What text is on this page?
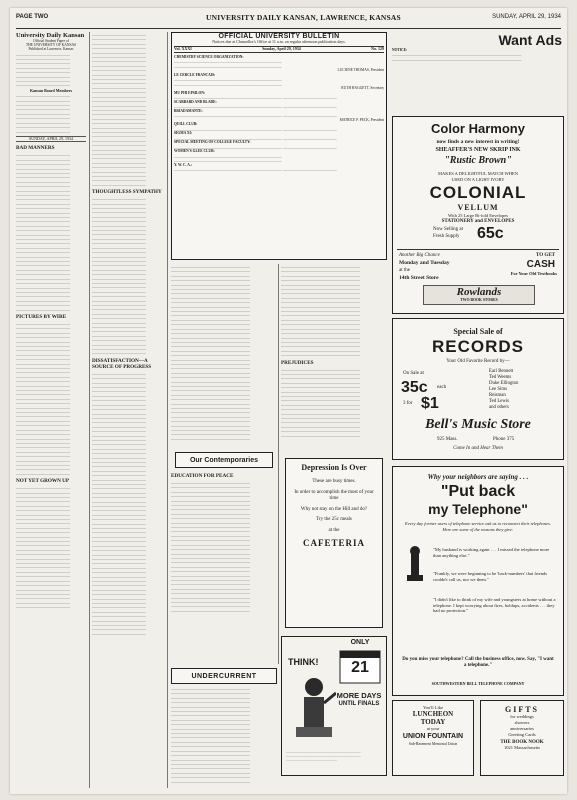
PAGE TWO	UNIVERSITY DAILY KANSAN, LAWRENCE, KANSAS	SUNDAY, APRIL 29, 1934
University Daily Kansan
Official Student Paper of
THE UNIVERSITY OF KANSAS
Published at Lawrence, Kansas
______________________________ ______________________________ ______________________________ ______________________________ ______________________________ ______________________________ ______________________________ ______________________________
Kansan Board Members
______________________________ ______________________________ ______________________________ ______________________________ ______________________________ ______________________________ ______________________________ ______________________________ ______________________________
SUNDAY, APRIL 29, 1934
BAD MANNERS
______________________________ ______________________________ ______________________________ ______________________________ ______________________________ ______________________________ ______________________________ ______________________________ ______________________________ ______________________________ ______________________________ ______________________________ ______________________________ ______________________________ ______________________________ ______________________________ ______________________________ ______________________________ ______________________________ ______________________________ ______________________________ ______________________________ ______________________________ ______________________________ ______________________________ ______________________________ ______________________________ ______________________________ ______________________________ ______________________________ ______________________________ ______________________________ ______________________________ ______________________________ ______________________________ ______________________________
PICTURES BY WIRE
______________________________ ______________________________ ______________________________ ______________________________ ______________________________ ______________________________ ______________________________ ______________________________ ______________________________ ______________________________ ______________________________ ______________________________ ______________________________ ______________________________ ______________________________ ______________________________ ______________________________ ______________________________ ______________________________ ______________________________ ______________________________ ______________________________ ______________________________ ______________________________ ______________________________ ______________________________ ______________________________ ______________________________ ______________________________ ______________________________ ______________________________ ______________________________ ______________________________ ______________________________ ______________________________
NOT YET GROWN UP
______________________________ ______________________________ ______________________________ ______________________________ ______________________________ ______________________________ ______________________________ ______________________________ ______________________________ ______________________________ ______________________________ ______________________________ ______________________________ ______________________________ ______________________________ ______________________________ ______________________________ ______________________________ ______________________________ ______________________________ ______________________________ ______________________________ ______________________________ ______________________________ ______________________________ ______________________________ ______________________________ ______________________________
______________________________ ______________________________ ______________________________ ______________________________ ______________________________ ______________________________ ______________________________ ______________________________ ______________________________ ______________________________ ______________________________ ______________________________ ______________________________ ______________________________ ______________________________ ______________________________ ______________________________ ______________________________ ______________________________ ______________________________ ______________________________ ______________________________ ______________________________ ______________________________ ______________________________ ______________________________ ______________________________ ______________________________ ______________________________ ______________________________ ______________________________ ______________________________ ______________________________ ______________________________ ______________________________
THOUGHTLESS SYMPATHY
______________________________ ______________________________ ______________________________ ______________________________ ______________________________ ______________________________ ______________________________ ______________________________ ______________________________ ______________________________ ______________________________ ______________________________ ______________________________ ______________________________ ______________________________ ______________________________ ______________________________ ______________________________ ______________________________ ______________________________ ______________________________ ______________________________ ______________________________ ______________________________ ______________________________ ______________________________ ______________________________ ______________________________ ______________________________ ______________________________ ______________________________ ______________________________ ______________________________ ______________________________ ______________________________ ______________________________
DISSATISFACTION—A SOURCE OF PROGRESS
______________________________ ______________________________ ______________________________ ______________________________ ______________________________ ______________________________ ______________________________ ______________________________ ______________________________ ______________________________ ______________________________ ______________________________ ______________________________ ______________________________ ______________________________ ______________________________ ______________________________ ______________________________ ______________________________ ______________________________ ______________________________ ______________________________ ______________________________ ______________________________ ______________________________ ______________________________ ______________________________ ______________________________ ______________________________ ______________________________ ______________________________ ______________________________ ______________________________ ______________________________ ______________________________ ______________________________ ______________________________ ______________________________ ______________________________ ______________________________ ______________________________ ______________________________ ______________________________ ______________________________ ______________________________ ______________________________ ______________________________ ______________________________ ______________________________ ______________________________ ______________________________ ______________________________ ______________________________ ______________________________ ______________________________ ______________________________ ______________________________ ______________________________ ______________________________ ______________________________
OFFICIAL UNIVERSITY BULLETIN
Notices due at Chancellor's Office at 11 a.m. on regular afternoon publication days.
Vol. XXXI	Sunday, April 29, 1934	No. 129
CHEMISTRY SCIENCE ORGANIZATION:
____________________________________________________________ ____________________________________________________________
LUCIENE THOMAS, President
LE CERCLE FRANCAIS:
____________________________________________________________ ____________________________________________________________
RUTH HAGGETT, Secretary
MU PHI EPSILON:
____________________________________________________________ ______________________________
SCABBARD AND BLADE:
____________________________________________________________ ______________________________
BRIADAMANTE:
____________________________________________________________ ______________________________
MATRICE P. PECK, President
QUILL CLUB:
____________________________________________________________ ______________________________
SIGMA XI:
____________________________________________________________ ______________________________
SPECIAL MEETING OF COLLEGE FACULTY:
____________________________________________________________ ______________________________
WOMEN'S GLEE CLUB:
____________________________________________________________ ____________________________________________________________
Y. W. C. A.:
____________________________________________________________ ______________________________
____________________________________________ ____________________________________________ ____________________________________________ ____________________________________________ ____________________________________________ ____________________________________________ ____________________________________________ ____________________________________________ ____________________________________________ ____________________________________________ ____________________________________________ ____________________________________________ ____________________________________________ ____________________________________________ ____________________________________________ ____________________________________________ ____________________________________________ ____________________________________________ ____________________________________________ ____________________________________________ ____________________________________________ ____________________________________________ ____________________________________________ ____________________________________________ ____________________________________________ ____________________________________________ ____________________________________________ ____________________________________________ ____________________________________________ ____________________________________________ ____________________________________________ ____________________________________________ ____________________________________________ ____________________________________________ ____________________________________________ ____________________________________________ ____________________________________________ ____________________________________________ ____________________________________________ ____________________________________________
Our Contemporaries
EDUCATION FOR PEACE
____________________________________________ ____________________________________________ ____________________________________________ ____________________________________________ ____________________________________________ ____________________________________________ ____________________________________________ ____________________________________________ ____________________________________________ ____________________________________________ ____________________________________________ ____________________________________________ ____________________________________________ ____________________________________________ ____________________________________________ ____________________________________________ ____________________________________________ ____________________________________________ ____________________________________________ ____________________________________________ ____________________________________________ ____________________________________________ ____________________________________________ ____________________________________________ ____________________________________________ ____________________________________________ ____________________________________________ ____________________________________________ ____________________________________________ ____________________________________________
____________________________________________ ____________________________________________ ____________________________________________ ____________________________________________ ____________________________________________ ____________________________________________ ____________________________________________ ____________________________________________ ____________________________________________ ____________________________________________ ____________________________________________ ____________________________________________ ____________________________________________ ____________________________________________ ____________________________________________ ____________________________________________ ____________________________________________ ____________________________________________ ____________________________________________ ____________________________________________ ____________________________________________
PREJUDICES
____________________________________________ ____________________________________________ ____________________________________________ ____________________________________________ ____________________________________________ ____________________________________________ ____________________________________________ ____________________________________________ ____________________________________________ ____________________________________________ ____________________________________________ ____________________________________________ ____________________________________________ ____________________________________________ ____________________________________________ ____________________________________________
Depression Is Over
These are busy times.
In order to accomplish the most of your time
Why not stay on the Hill and do?
Try the 25c meals
at the
CAFETERIA
UNDERCURRENT
____________________________________________ ____________________________________________ ____________________________________________ ____________________________________________ ____________________________________________ ____________________________________________ ____________________________________________ ____________________________________________ ____________________________________________ ____________________________________________ ____________________________________________ ____________________________________________ ____________________________________________ ____________________________________________ ____________________________________________ ____________________________________________ ____________________________________________ ____________________________________________ ____________________________________________ ____________________________________________ ____________________________________________ ____________________________________________
THINK!
ONLY
21
MORE DAYS
UNTIL FINALS
____________________________________________ ____________________________________________ ______________________________
Want Ads
NOTICE:
________________________________________________________________________ ________________________________________________________________________
Color Harmony
now finds a new interest in writing!
SHEAFFER'S NEW SKRIP INK
"Rustic Brown"
MAKES A DELIGHTFUL MATCH WHEN
USED ON A LIGHT IVORY
COLONIAL
VELLUM
With 25 Large Bi-fold Envelopes
STATIONERY and ENVELOPES
Now Selling at
Fresh Supply 65c
Another Big Chance
Monday and Tuesday
TO GET
CASH
For Your Old Textbooks
at the
14th Street Store
Rowlands
TWO BOOK STORES
Special Sale of
RECORDS
Your Old Favorite Record by—
On Sale at
35c each
3 for $1
Earl Bennett
Ted Weems
Duke Ellington
Lee Sims
Reisman
Ted Lewis
and others
Bell's Music Store
925 Mass.	Phone 375
Come In and Hear Them
Why your neighbors are saying . . .
"Put back
my Telephone"
Every day former users of telephone service ask us to reconnect their telephones. Here are some of the reasons they give:
"My husband is working again . . . I missed the telephone more than anything else."
"Frankly, we were beginning to be 'back-numbers' that friends couldn't call us, nor we them."
"I didn't like to think of my wife and youngsters at home without a telephone. I kept worrying about fires, holdups, accidents . . . they had no protection."
Do you miss your telephone? Call the business office, now. Say, "I want a telephone."
SOUTHWESTERN BELL TELEPHONE COMPANY
You'll Like
LUNCHEON
TODAY
at your
UNION FOUNTAIN
Sub-Basement Memorial Union
GIFTS
for weddings
showers
anniversaries
Greeting Cards
THE BOOK NOOK
1021 Massachusetts
